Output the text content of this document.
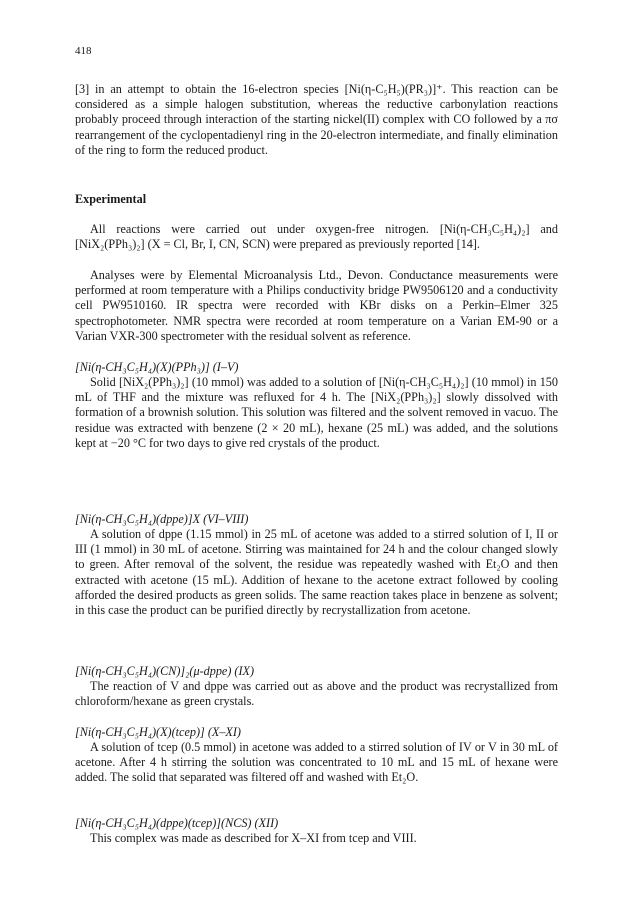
418
[3] in an attempt to obtain the 16-electron species [Ni(η-C₅H₅)(PR₃)]⁺. This reaction can be considered as a simple halogen substitution, whereas the reductive carbonylation reactions probably proceed through interaction of the starting nickel(II) complex with CO followed by a πσ rearrangement of the cyclopentadienyl ring in the 20-electron intermediate, and finally elimination of the ring to form the reduced product.
Experimental
All reactions were carried out under oxygen-free nitrogen. [Ni(η-CH₃C₅H₄)₂] and [NiX₂(PPh₃)₂] (X = Cl, Br, I, CN, SCN) were prepared as previously reported [14].
Analyses were by Elemental Microanalysis Ltd., Devon. Conductance measurements were performed at room temperature with a Philips conductivity bridge PW9506120 and a conductivity cell PW9510160. IR spectra were recorded with KBr disks on a Perkin–Elmer 325 spectrophotometer. NMR spectra were recorded at room temperature on a Varian EM-90 or a Varian VXR-300 spectrometer with the residual solvent as reference.
[Ni(η-CH₃C₅H₄)(X)(PPh₃)] (I–V)
Solid [NiX₂(PPh₃)₂] (10 mmol) was added to a solution of [Ni(η-CH₃C₅H₄)₂] (10 mmol) in 150 mL of THF and the mixture was refluxed for 4 h. The [NiX₂(PPh₃)₂] slowly dissolved with formation of a brownish solution. This solution was filtered and the solvent removed in vacuo. The residue was extracted with benzene (2 × 20 mL), hexane (25 mL) was added, and the solutions kept at −20 °C for two days to give red crystals of the product.
[Ni(η-CH₃C₅H₄)(dppe)]X (VI–VIII)
A solution of dppe (1.15 mmol) in 25 mL of acetone was added to a stirred solution of I, II or III (1 mmol) in 30 mL of acetone. Stirring was maintained for 24 h and the colour changed slowly to green. After removal of the solvent, the residue was repeatedly washed with Et₂O and then extracted with acetone (15 mL). Addition of hexane to the acetone extract followed by cooling afforded the desired products as green solids. The same reaction takes place in benzene as solvent; in this case the product can be purified directly by recrystallization from acetone.
[Ni(η-CH₃C₅H₄)(CN)]₂(μ-dppe) (IX)
The reaction of V and dppe was carried out as above and the product was recrystallized from chloroform/hexane as green crystals.
[Ni(η-CH₃C₅H₄)(X)(tcep)] (X–XI)
A solution of tcep (0.5 mmol) in acetone was added to a stirred solution of IV or V in 30 mL of acetone. After 4 h stirring the solution was concentrated to 10 mL and 15 mL of hexane were added. The solid that separated was filtered off and washed with Et₂O.
[Ni(η-CH₃C₅H₄)(dppe)(tcep)](NCS) (XII)
This complex was made as described for X–XI from tcep and VIII.
